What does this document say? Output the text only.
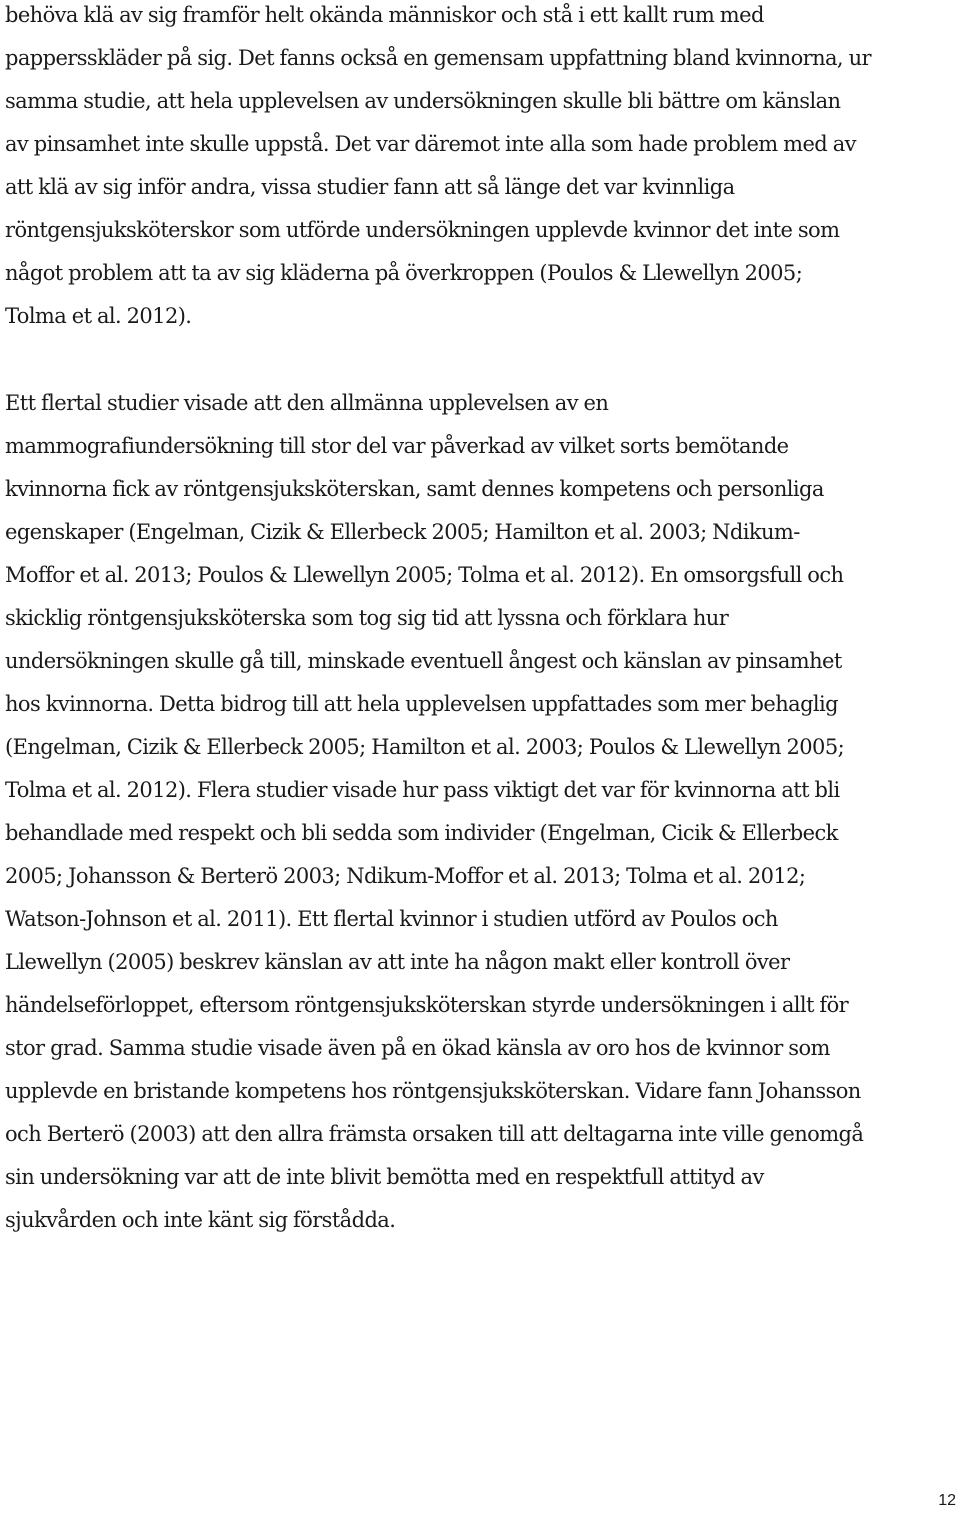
behöva klä av sig framför helt okända människor och stå i ett kallt rum med
pappersskläder på sig. Det fanns också en gemensam uppfattning bland kvinnorna, ur
samma studie, att hela upplevelsen av undersökningen skulle bli bättre om känslan
av pinsamhet inte skulle uppstå. Det var däremot inte alla som hade problem med av
att klä av sig inför andra, vissa studier fann att så länge det var kvinnliga
röntgensjuksköterskor som utförde undersökningen upplevde kvinnor det inte som
något problem att ta av sig kläderna på överkroppen (Poulos & Llewellyn 2005;
Tolma et al. 2012).
Ett flertal studier visade att den allmänna upplevelsen av en
mammografiundersökning till stor del var påverkad av vilket sorts bemötande
kvinnorna fick av röntgensjuksköterskan, samt dennes kompetens och personliga
egenskaper (Engelman, Cizik & Ellerbeck 2005; Hamilton et al. 2003; Ndikum-
Moffor et al. 2013; Poulos & Llewellyn 2005; Tolma et al. 2012). En omsorgsfull och
skicklig röntgensjuksköterska som tog sig tid att lyssna och förklara hur
undersökningen skulle gå till, minskade eventuell ångest och känslan av pinsamhet
hos kvinnorna. Detta bidrog till att hela upplevelsen uppfattades som mer behaglig
(Engelman, Cizik & Ellerbeck 2005; Hamilton et al. 2003; Poulos & Llewellyn 2005;
Tolma et al. 2012). Flera studier visade hur pass viktigt det var för kvinnorna att bli
behandlade med respekt och bli sedda som individer (Engelman, Cicik & Ellerbeck
2005; Johansson & Berterö 2003; Ndikum-Moffor et al. 2013; Tolma et al. 2012;
Watson-Johnson et al. 2011). Ett flertal kvinnor i studien utförd av Poulos och
Llewellyn (2005) beskrev känslan av att inte ha någon makt eller kontroll över
händelseförloppet, eftersom röntgensjuksköterskan styrde undersökningen i allt för
stor grad. Samma studie visade även på en ökad känsla av oro hos de kvinnor som
upplevde en bristande kompetens hos röntgensjuksköterskan. Vidare fann Johansson
och Berterö (2003) att den allra främsta orsaken till att deltagarna inte ville genomgå
sin undersökning var att de inte blivit bemötta med en respektfull attityd av
sjukvården och inte känt sig förstådda.
12
